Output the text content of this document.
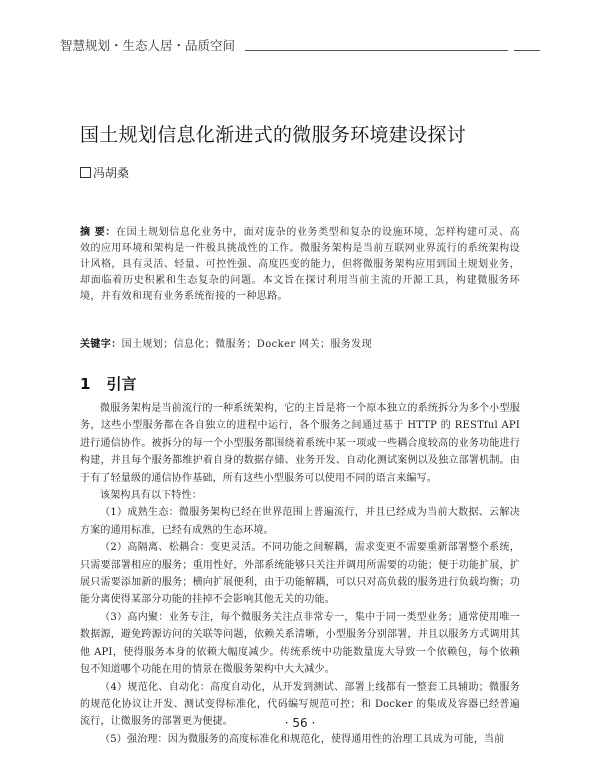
智慧规划・生态人居・品质空间
国土规划信息化渐进式的微服务环境建设探讨
冯胡桑
摘 要：在国土规划信息化业务中，面对庞杂的业务类型和复杂的设施环境，怎样构建可灵、高效的应用环境和架构是一件极具挑战性的工作。微服务架构是当前互联网业界流行的系统架构设计风格，具有灵活、轻量、可控性强、高度匹变的能力，但将微服务架构应用到国土规划业务，却面临着历史积累和生态复杂的问题。本文旨在探讨利用当前主流的开源工具，构建微服务环境，并有效和现有业务系统衔接的一种思路。
关键字：国土规划；信息化；微服务；Docker 网关；服务发现
1 引言

微服务架构是当前流行的一种系统架构，它的主旨是将一个原本独立的系统拆分为多个小型服务，这些小型服务都在各自独立的进程中运行，各个服务之间通过基于 HTTP 的 RESTful API 进行通信协作。被拆分的每一个小型服务都围绕着系统中某一项或一些耦合度较高的业务功能进行构建，并且每个服务都维护着自身的数据存储、业务开发、自动化测试案例以及独立部署机制。由于有了轻量级的通信协作基础，所有这些小型服务可以使用不同的语言来编写。

该架构具有以下特性：

（1）成熟生态：微服务架构已经在世界范围上普遍流行，并且已经成为当前大数据、云解决方案的通用标准，已经有成熟的生态环境。

（2）高隔离、松耦合：变更灵活。不同功能之间解耦，需求变更不需要重新部署整个系统，只需要部署相应的服务；重用性好，外部系统能够只关注并调用所需要的功能；便于功能扩展，扩展只需要添加新的服务；横向扩展便利，由于功能解耦，可以只对高负载的服务进行负载均衡；功能分离使得某部分功能的挂掉不会影响其他无关的功能。

（3）高内聚：业务专注，每个微服务关注点非常专一，集中于同一类型业务；通常使用唯一数据源，避免跨源访问的关联等问题，依赖关系清晰，小型服务分别部署，并且以服务方式调用其他 API，使得服务本身的依赖大幅度减少。传统系统中功能数量庞大导致一个依赖包，每个依赖包不知道哪个功能在用的情景在微服务架构中大大减少。

（4）规范化、自动化：高度自动化，从开发到测试、部署上线都有一整套工具辅助；微服务的规范化协议让开发、测试变得标准化，代码编写规范可控；和 Docker 的集成及容器已经普遍流行，让微服务的部署更为便捷。

（5）强治理：因为微服务的高度标准化和规范化，使得通用性的治理工具成为可能，当前

· 56 ·
